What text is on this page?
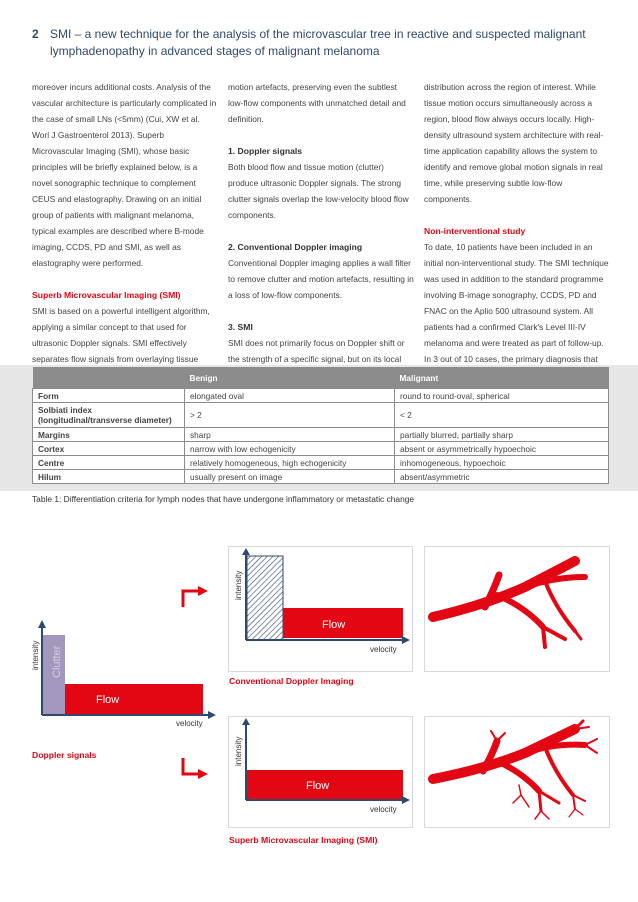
2 SMI – a new technique for the analysis of the microvascular tree in reactive and suspected malignant lymphadenopathy in advanced stages of malignant melanoma

moreover incurs additional costs. Analysis of the vascular architecture is particularly complicated in the case of small LNs (<5mm) (Cui, XW et al. Worl J Gastroenterol 2013). Superb Microvascular Imaging (SMI), whose basic principles will be briefly explained below, is a novel sonographic technique to complement CEUS and elastography. Drawing on an initial group of patients with malignant melanoma, typical examples are described where B-mode imaging, CCDS, PD and SMI, as well as elastography were performed.

Superb Microvascular Imaging (SMI)

SMI is based on a powerful intelligent algorithm, applying a similar concept to that used for ultrasonic Doppler signals. SMI effectively separates flow signals from overlaying tissue

motion artefacts, preserving even the subtlest low-flow components with unmatched detail and definition.

1. Doppler signals

Both blood flow and tissue motion (clutter) produce ultrasonic Doppler signals. The strong clutter signals overlap the low-velocity blood flow components.

2. Conventional Doppler imaging

Conventional Doppler imaging applies a wall filter to remove clutter and motion artefacts, resulting in a loss of low-flow components.

3. SMI

SMI does not primarily focus on Doppler shift or the strength of a specific signal, but on its local

distribution across the region of interest. While tissue motion occurs simultaneously across a region, blood flow always occurs locally. High-density ultrasound system architecture with real-time application capability allows the system to identify and remove global motion signals in real time, while preserving subtle low-flow components.

Non-interventional study

To date, 10 patients have been included in an initial non-interventional study. The SMI technique was used in addition to the standard programme involving B-image sonography, CCDS, PD and FNAC on the Aplio 500 ultrasound system. All patients had a confirmed Clark's Level III-IV melanoma and were treated as part of follow-up. In 3 out of 10 cases, the primary diagnosis that

	Benign	Malignant
Form	elongated oval	round to round-oval, spherical
Solbiati index (longitudinal/transverse diameter)	> 2	< 2
Margins	sharp	partially blurred, partially sharp
Cortex	narrow with low echogenicity	absent or asymmetrically hypoechoic
Centre	relatively homogeneous, high echogenicity	inhomogeneous, hypoechoic
Hilum	usually present on image	absent/asymmetric
Table 1: Differentiation criteria for lymph nodes that have undergone inflammatory or metastatic change
intensity
velocity
Clutter
Flow
Doppler signals
intensity
velocity
Flow
Conventional Doppler Imaging
intensity
velocity
Flow
Superb Microvascular Imaging (SMI)
